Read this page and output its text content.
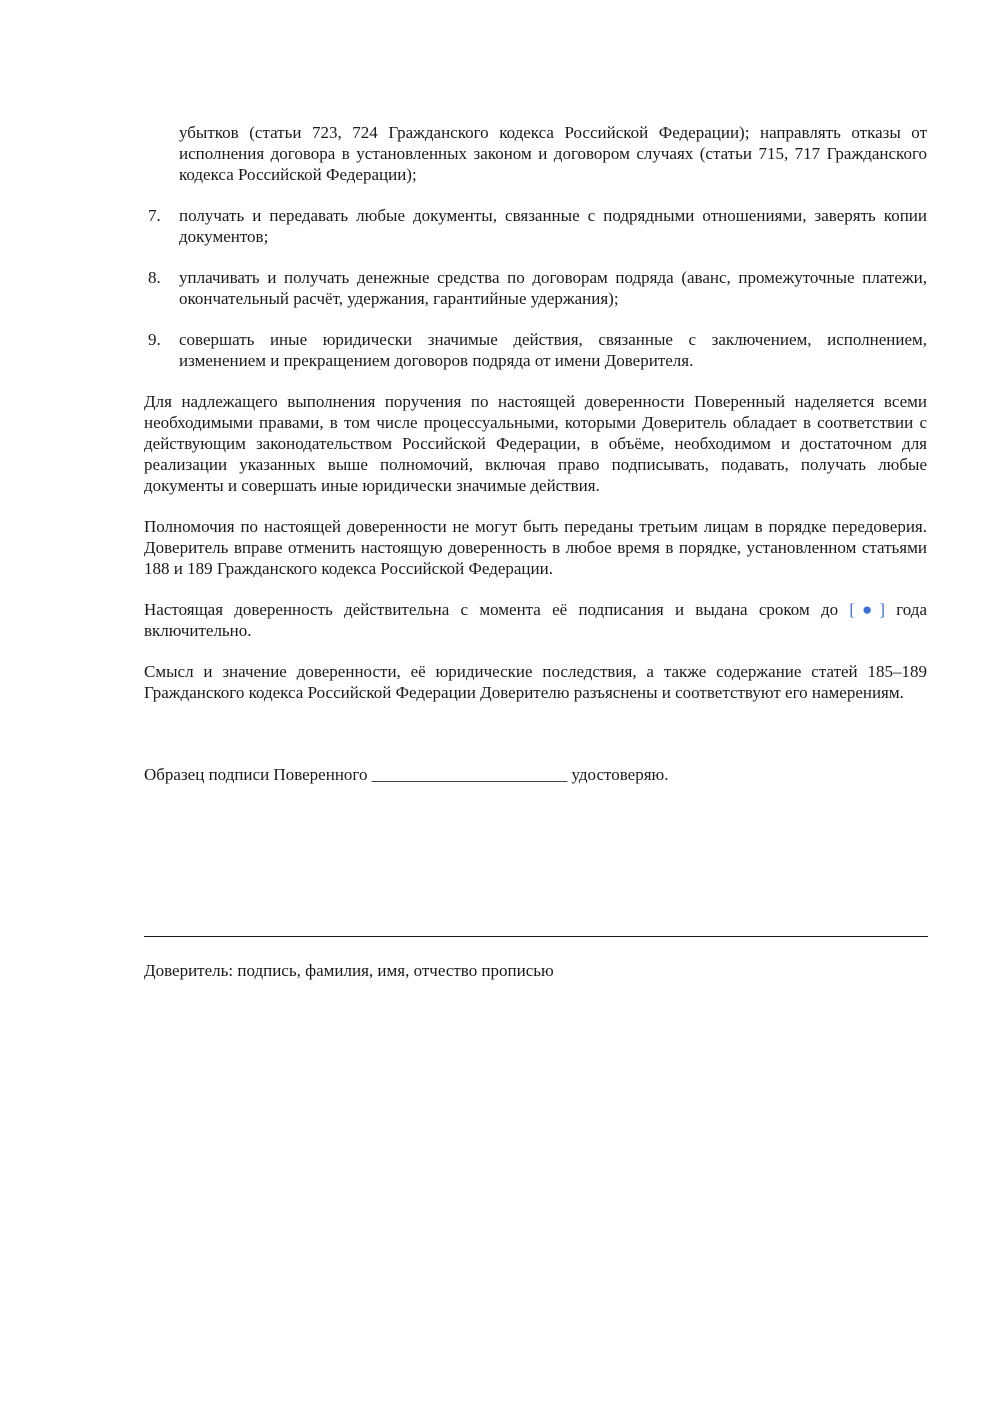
убытков (статьи 723, 724 Гражданского кодекса Российской Федерации); направлять отказы от исполнения договора в установленных законом и договором случаях (статьи 715, 717 Гражданского кодекса Российской Федерации);
7.	получать и передавать любые документы, связанные с подрядными отношениями, заверять копии документов;
8.	уплачивать и получать денежные средства по договорам подряда (аванс, промежуточные платежи, окончательный расчёт, удержания, гарантийные удержания);
9.	совершать иные юридически значимые действия, связанные с заключением, исполнением, изменением и прекращением договоров подряда от имени Доверителя.

Для надлежащего выполнения поручения по настоящей доверенности Поверенный наделяется всеми необходимыми правами, в том числе процессуальными, которыми Доверитель обладает в соответствии с действующим законодательством Российской Федерации, в объёме, необходимом и достаточном для реализации указанных выше полномочий, включая право подписывать, подавать, получать любые документы и совершать иные юридически значимые действия.

Полномочия по настоящей доверенности не могут быть переданы третьим лицам в порядке передоверия. Доверитель вправе отменить настоящую доверенность в любое время в порядке, установленном статьями 188 и 189 Гражданского кодекса Российской Федерации.

Настоящая доверенность действительна с момента её подписания и выдана сроком до [●] года включительно.

Смысл и значение доверенности, её юридические последствия, а также содержание статей 185–189 Гражданского кодекса Российской Федерации Доверителю разъяснены и соответствуют его намерениям.

Образец подписи Поверенного _______________________ удостоверяю.

Доверитель: подпись, фамилия, имя, отчество прописью
